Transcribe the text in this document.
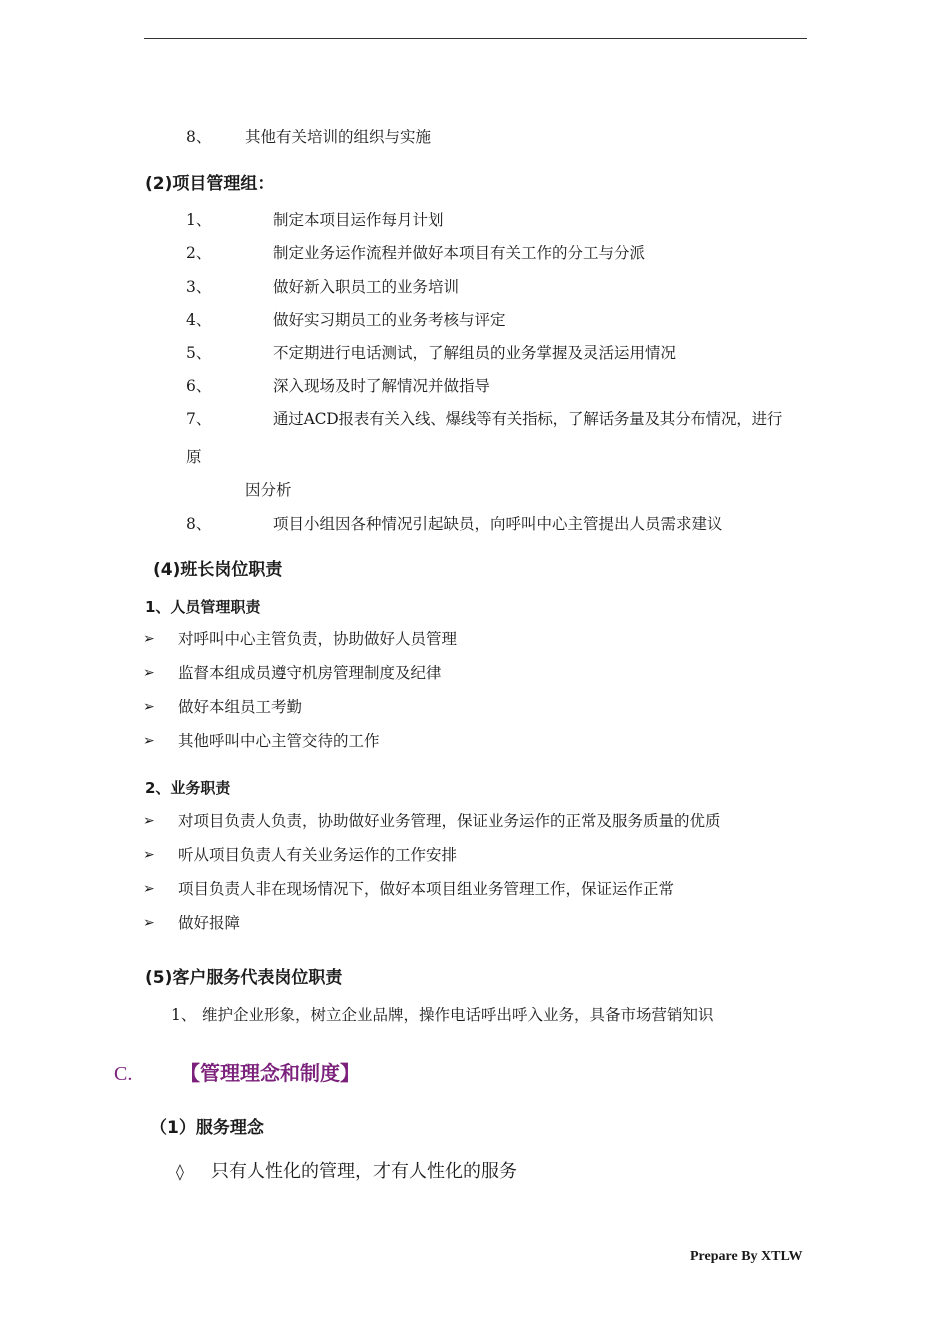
8、 其他有关培训的组织与实施
(2)项目管理组：
1、	制定本项目运作每月计划
2、	制定业务运作流程并做好本项目有关工作的分工与分派
3、	做好新入职员工的业务培训
4、	做好实习期员工的业务考核与评定
5、	不定期进行电话测试，了解组员的业务掌握及灵活运用情况
6、	深入现场及时了解情况并做指导
7、	通过ACD报表有关入线、爆线等有关指标，了解话务量及其分布情况，进行
原
因分析
8、	项目小组因各种情况引起缺员，向呼叫中心主管提出人员需求建议
(4)班长岗位职责
1、人员管理职责
➢ 对呼叫中心主管负责，协助做好人员管理
➢ 监督本组成员遵守机房管理制度及纪律
➢ 做好本组员工考勤
➢ 其他呼叫中心主管交待的工作
2、业务职责
➢ 对项目负责人负责，协助做好业务管理，保证业务运作的正常及服务质量的优质
➢ 听从项目负责人有关业务运作的工作安排
➢ 项目负责人非在现场情况下，做好本项目组业务管理工作，保证运作正常
➢ 做好报障
(5)客户服务代表岗位职责
1、 维护企业形象，树立企业品牌，操作电话呼出呼入业务，具备市场营销知识
C. 【管理理念和制度】
（1）服务理念
◊ 只有人性化的管理，才有人性化的服务
Prepare By XTLW
